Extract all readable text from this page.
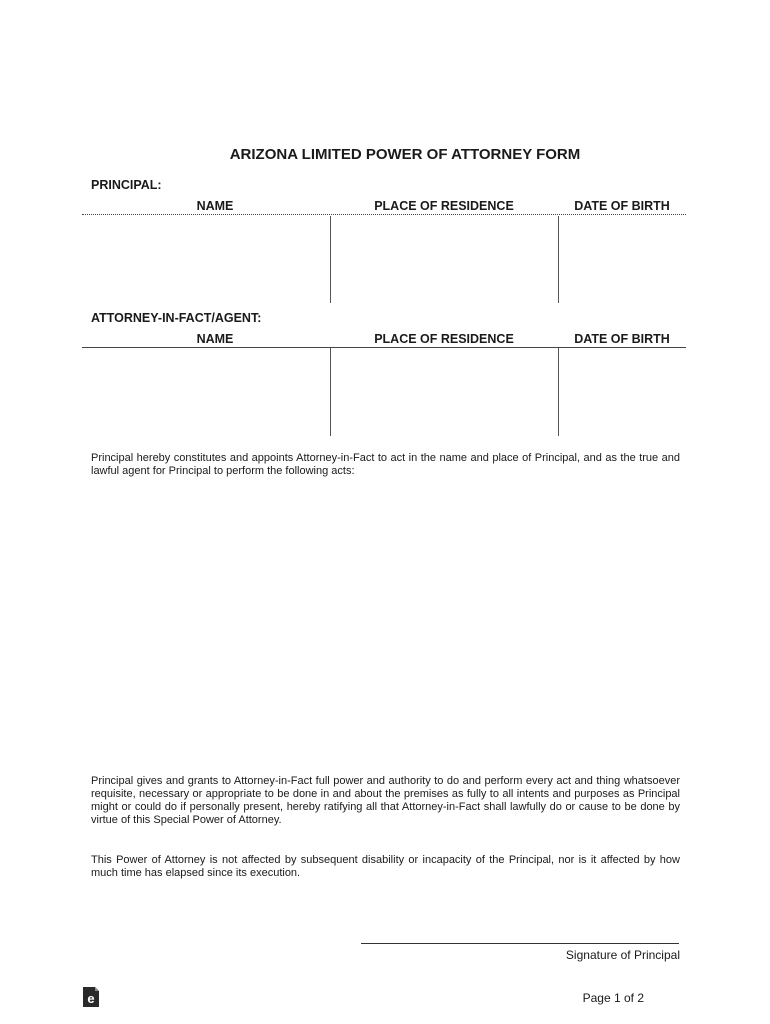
ARIZONA LIMITED POWER OF ATTORNEY FORM
PRINCIPAL:
NAME	PLACE OF RESIDENCE	DATE OF BIRTH
ATTORNEY-IN-FACT/AGENT:
NAME	PLACE OF RESIDENCE	DATE OF BIRTH
Principal hereby constitutes and appoints Attorney-in-Fact to act in the name and place of Principal, and as the true and lawful agent for Principal to perform the following acts:
Principal gives and grants to Attorney-in-Fact full power and authority to do and perform every act and thing whatsoever requisite, necessary or appropriate to be done in and about the premises as fully to all intents and purposes as Principal might or could do if personally present, hereby ratifying all that Attorney-in-Fact shall lawfully do or cause to be done by virtue of this Special Power of Attorney.
This Power of Attorney is not affected by subsequent disability or incapacity of the Principal, nor is it affected by how much time has elapsed since its execution.
Signature of Principal
e	Page 1 of 2
